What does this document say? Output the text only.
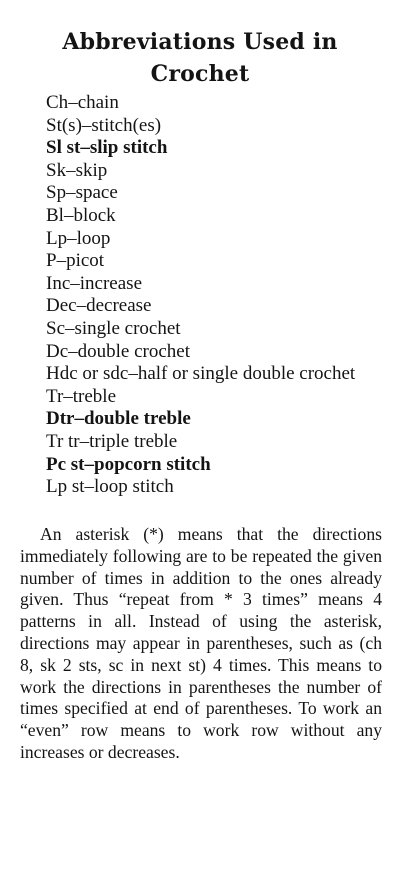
Abbreviations Used in Crochet
Ch–chain
St(s)–stitch(es)
Sl st–slip stitch
Sk–skip
Sp–space
Bl–block
Lp–loop
P–picot
Inc–increase
Dec–decrease
Sc–single crochet
Dc–double crochet
Hdc or sdc–half or single double crochet
Tr–treble
Dtr–double treble
Tr tr–triple treble
Pc st–popcorn stitch
Lp st–loop stitch

An asterisk (*) means that the directions immediately following are to be repeated the given number of times in addition to the ones already given. Thus “repeat from * 3 times” means 4 patterns in all. Instead of using the asterisk, directions may appear in parentheses, such as (ch 8, sk 2 sts, sc in next st) 4 times. This means to work the directions in parentheses the number of times specified at end of parentheses. To work an “even” row means to work row without any increases or decreases.
